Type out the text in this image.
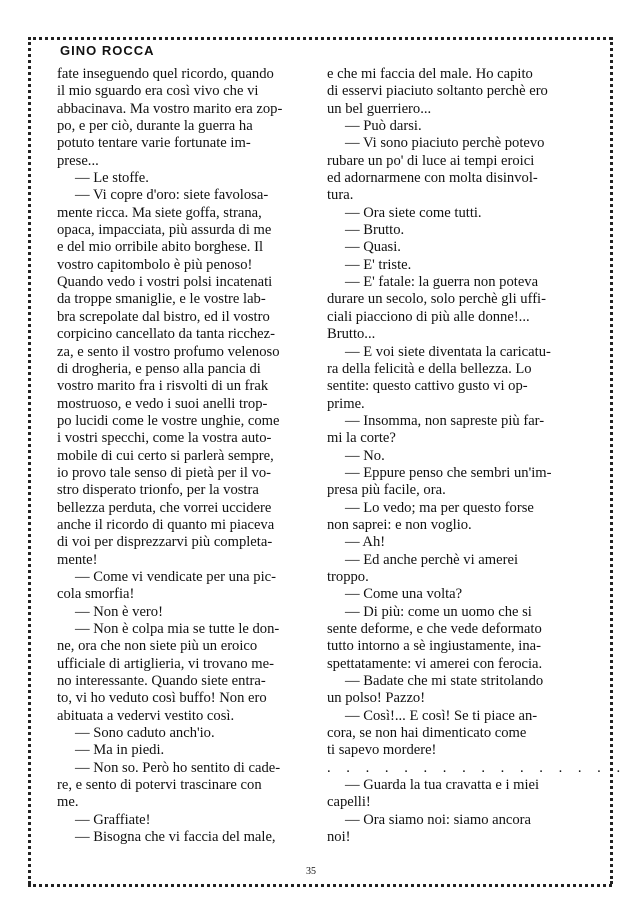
GINO ROCCA
fate inseguendo quel ricordo, quando
il mio sguardo era così vivo che vi
abbacinava. Ma vostro marito era zop-
po, e per ciò, durante la guerra ha
potuto tentare varie fortunate im-
prese...
— Le stoffe.
— Vi copre d'oro: siete favolosa-
mente ricca. Ma siete goffa, strana,
opaca, impacciata, più assurda di me
e del mio orribile abito borghese. Il
vostro capitombolo è più penoso!
Quando vedo i vostri polsi incatenati
da troppe smaniglie, e le vostre lab-
bra screpolate dal bistro, ed il vostro
corpicino cancellato da tanta ricchez-
za, e sento il vostro profumo velenoso
di drogheria, e penso alla pancia di
vostro marito fra i risvolti di un frak
mostruoso, e vedo i suoi anelli trop-
po lucidi come le vostre unghie, come
i vostri specchi, come la vostra auto-
mobile di cui certo si parlerà sempre,
io provo tale senso di pietà per il vo-
stro disperato trionfo, per la vostra
bellezza perduta, che vorrei uccidere
anche il ricordo di quanto mi piaceva
di voi per disprezzarvi più completa-
mente!
— Come vi vendicate per una pic-
cola smorfia!
— Non è vero!
— Non è colpa mia se tutte le don-
ne, ora che non siete più un eroico
ufficiale di artiglieria, vi trovano me-
no interessante. Quando siete entra-
to, vi ho veduto così buffo! Non ero
abituata a vedervi vestito così.
— Sono caduto anch'io.
— Ma in piedi.
— Non so. Però ho sentito di cade-
re, e sento di potervi trascinare con
me.
— Graffiate!
— Bisogna che vi faccia del male,
e che mi faccia del male. Ho capito
di esservi piaciuto soltanto perchè ero
un bel guerriero...
— Può darsi.
— Vi sono piaciuto perchè potevo
rubare un po' di luce ai tempi eroici
ed adornarmene con molta disinvol-
tura.
— Ora siete come tutti.
— Brutto.
— Quasi.
— E' triste.
— E' fatale: la guerra non poteva
durare un secolo, solo perchè gli uffi-
ciali piacciono di più alle donne!...
Brutto...
— E voi siete diventata la caricatu-
ra della felicità e della bellezza. Lo
sentite: questo cattivo gusto vi op-
prime.
— Insomma, non sapreste più far-
mi la corte?
— No.
— Eppure penso che sembri un'im-
presa più facile, ora.
— Lo vedo; ma per questo forse
non saprei: e non voglio.
— Ah!
— Ed anche perchè vi amerei
troppo.
— Come una volta?
— Di più: come un uomo che si
sente deforme, e che vede deformato
tutto intorno a sè ingiustamente, ina-
spettatamente: vi amerei con ferocia.
— Badate che mi state stritolando
un polso! Pazzo!
— Così!... E così! Se ti piace an-
cora, se non hai dimenticato come
ti sapevo mordere!
. . . . . . . . . . . . . . . .
— Guarda la tua cravatta e i miei
capelli!
— Ora siamo noi: siamo ancora
noi!
35
